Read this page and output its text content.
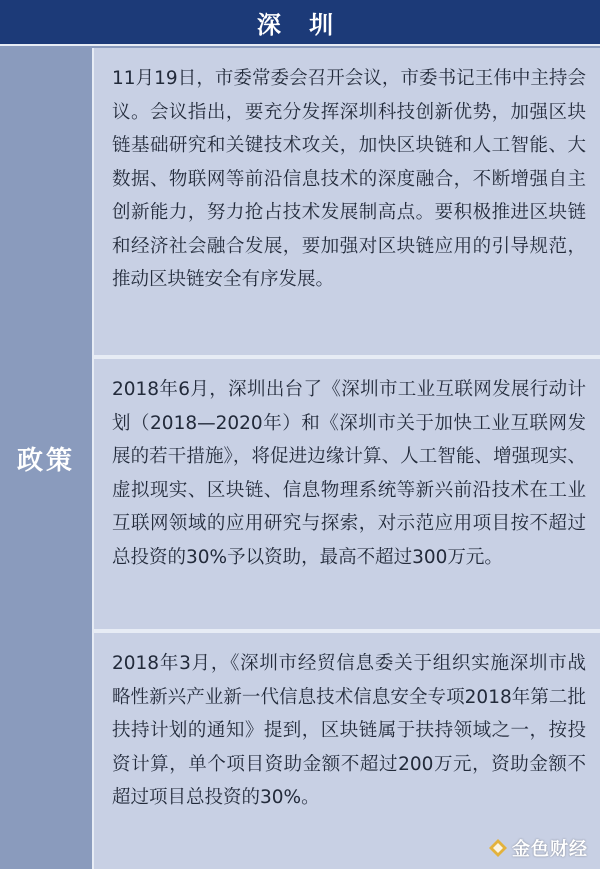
深 圳
政策

11月19日，市委常委会召开会议，市委书记王伟中主持会议。会议指出，要充分发挥深圳科技创新优势，加强区块链基础研究和关键技术攻关，加快区块链和人工智能、大数据、物联网等前沿信息技术的深度融合，不断增强自主创新能力，努力抢占技术发展制高点。要积极推进区块链和经济社会融合发展，要加强对区块链应用的引导规范，推动区块链安全有序发展。

2018年6月，深圳出台了《深圳市工业互联网发展行动计划（2018—2020年）和《深圳市关于加快工业互联网发展的若干措施》，将促进边缘计算、人工智能、增强现实、虚拟现实、区块链、信息物理系统等新兴前沿技术在工业互联网领域的应用研究与探索，对示范应用项目按不超过总投资的30%予以资助，最高不超过300万元。

2018年3月，《深圳市经贸信息委关于组织实施深圳市战略性新兴产业新一代信息技术信息安全专项2018年第二批扶持计划的通知》提到，区块链属于扶持领域之一，按投资计算，单个项目资助金额不超过200万元，资助金额不超过项目总投资的30%。

金色财经
